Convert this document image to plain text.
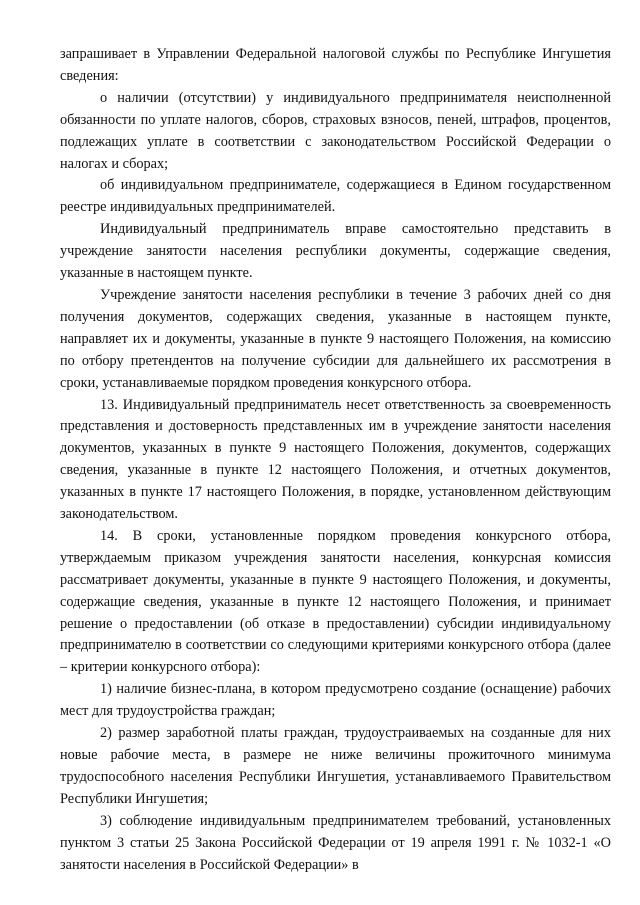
запрашивает в Управлении Федеральной налоговой службы по Республике Ингушетия сведения:

о наличии (отсутствии) у индивидуального предпринимателя неисполненной обязанности по уплате налогов, сборов, страховых взносов, пеней, штрафов, процентов, подлежащих уплате в соответствии с законодательством Российской Федерации о налогах и сборах;

об индивидуальном предпринимателе, содержащиеся в Едином государственном реестре индивидуальных предпринимателей.

Индивидуальный предприниматель вправе самостоятельно представить в учреждение занятости населения республики документы, содержащие сведения, указанные в настоящем пункте.

Учреждение занятости населения республики в течение 3 рабочих дней со дня получения документов, содержащих сведения, указанные в настоящем пункте, направляет их и документы, указанные в пункте 9 настоящего Положения, на комиссию по отбору претендентов на получение субсидии для дальнейшего их рассмотрения в сроки, устанавливаемые порядком проведения конкурсного отбора.

13. Индивидуальный предприниматель несет ответственность за своевременность представления и достоверность представленных им в учреждение занятости населения документов, указанных в пункте 9 настоящего Положения, документов, содержащих сведения, указанные в пункте 12 настоящего Положения, и отчетных документов, указанных в пункте 17 настоящего Положения, в порядке, установленном действующим законодательством.

14. В сроки, установленные порядком проведения конкурсного отбора, утверждаемым приказом учреждения занятости населения, конкурсная комиссия рассматривает документы, указанные в пункте 9 настоящего Положения, и документы, содержащие сведения, указанные в пункте 12 настоящего Положения, и принимает решение о предоставлении (об отказе в предоставлении) субсидии индивидуальному предпринимателю в соответствии со следующими критериями конкурсного отбора (далее – критерии конкурсного отбора):

1) наличие бизнес-плана, в котором предусмотрено создание (оснащение) рабочих мест для трудоустройства граждан;

2) размер заработной платы граждан, трудоустраиваемых на созданные для них новые рабочие места, в размере не ниже величины прожиточного минимума трудоспособного населения Республики Ингушетия, устанавливаемого Правительством Республики Ингушетия;

3) соблюдение индивидуальным предпринимателем требований, установленных пунктом 3 статьи 25 Закона Российской Федерации от 19 апреля 1991 г. № 1032-1 «О занятости населения в Российской Федерации» в
